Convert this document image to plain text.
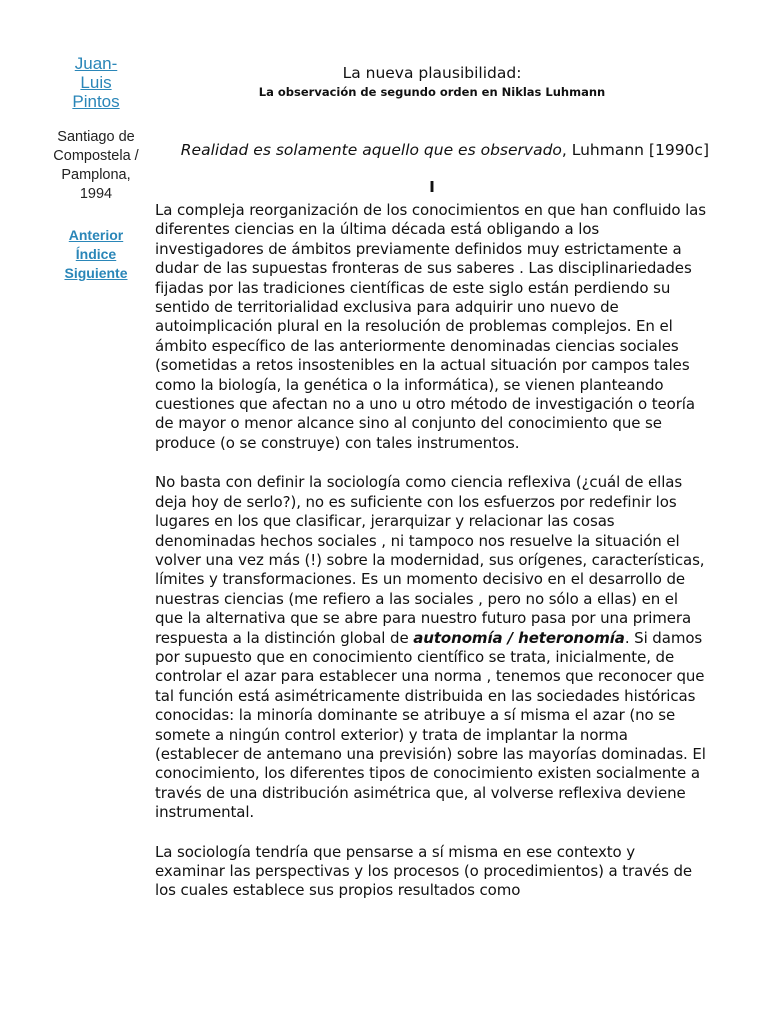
Juan-Luis Pintos
Santiago de Compostela / Pamplona, 1994
Anterior
Índice
Siguiente
La nueva plausibilidad:
La observación de segundo orden en Niklas Luhmann
Realidad es solamente aquello que es observado, Luhmann [1990c]
I

La compleja reorganización de los conocimientos en que han confluido las diferentes ciencias en la última década está obligando a los investigadores de ámbitos previamente definidos muy estrictamente a dudar de las supuestas fronteras de sus saberes . Las disciplinariedades fijadas por las tradiciones científicas de este siglo están perdiendo su sentido de territorialidad exclusiva para adquirir uno nuevo de autoimplicación plural en la resolución de problemas complejos. En el ámbito específico de las anteriormente denominadas ciencias sociales (sometidas a retos insostenibles en la actual situación por campos tales como la biología, la genética o la informática), se vienen planteando cuestiones que afectan no a uno u otro método de investigación o teoría de mayor o menor alcance sino al conjunto del conocimiento que se produce (o se construye) con tales instrumentos.

No basta con definir la sociología como ciencia reflexiva (¿cuál de ellas deja hoy de serlo?), no es suficiente con los esfuerzos por redefinir los lugares en los que clasificar, jerarquizar y relacionar las cosas denominadas hechos sociales , ni tampoco nos resuelve la situación el volver una vez más (!) sobre la modernidad, sus orígenes, características, límites y transformaciones. Es un momento decisivo en el desarrollo de nuestras ciencias (me refiero a las sociales , pero no sólo a ellas) en el que la alternativa que se abre para nuestro futuro pasa por una primera respuesta a la distinción global de autonomía / heteronomía. Si damos por supuesto que en conocimiento científico se trata, inicialmente, de controlar el azar para establecer una norma , tenemos que reconocer que tal función está asimétricamente distribuida en las sociedades históricas conocidas: la minoría dominante se atribuye a sí misma el azar (no se somete a ningún control exterior) y trata de implantar la norma (establecer de antemano una previsión) sobre las mayorías dominadas. El conocimiento, los diferentes tipos de conocimiento existen socialmente a través de una distribución asimétrica que, al volverse reflexiva deviene instrumental.

La sociología tendría que pensarse a sí misma en ese contexto y examinar las perspectivas y los procesos (o procedimientos) a través de los cuales establece sus propios resultados como
